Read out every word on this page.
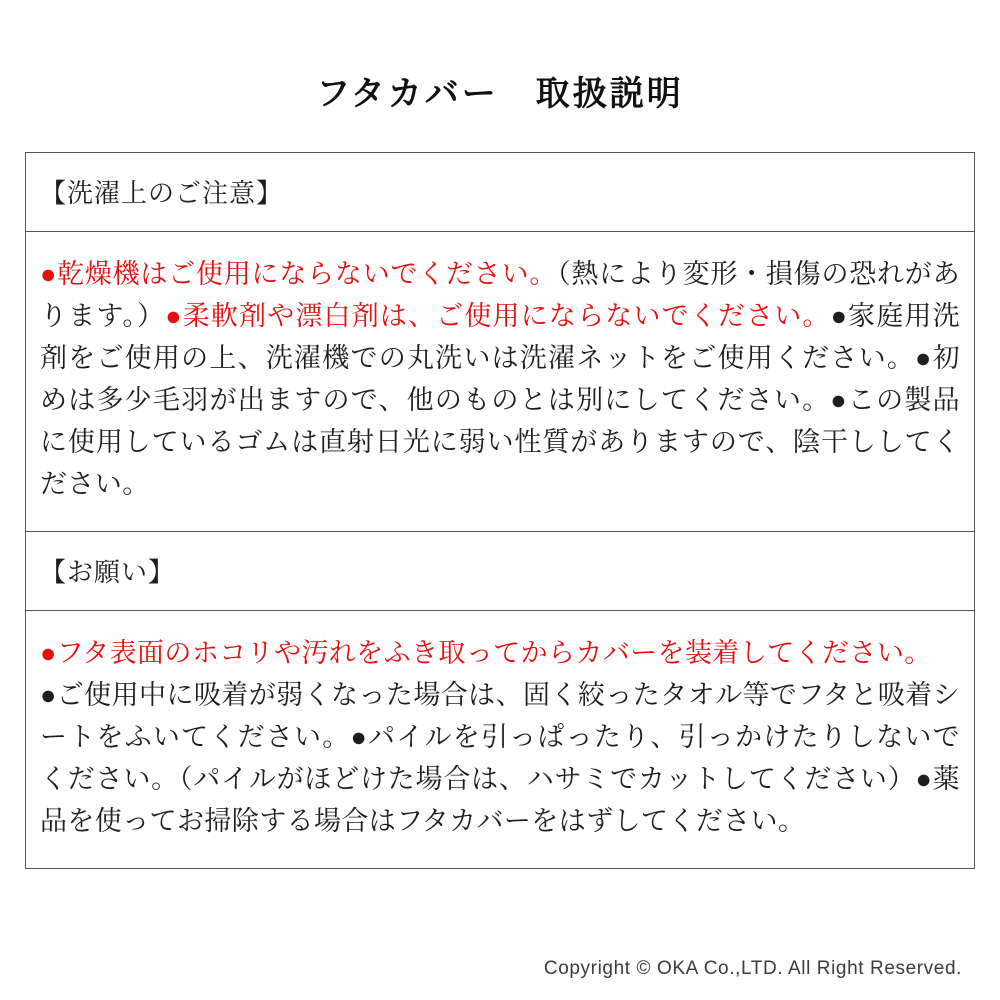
フタカバー　取扱説明
【洗濯上のご注意】
●乾燥機はご使用にならないでください。（熱により変形・損傷の恐れがあります。）●柔軟剤や漂白剤は、ご使用にならないでください。●家庭用洗剤をご使用の上、洗濯機での丸洗いは洗濯ネットをご使用ください。●初めは多少毛羽が出ますので、他のものとは別にしてください。●この製品に使用しているゴムは直射日光に弱い性質がありますので、陰干ししてください。
【お願い】
●フタ表面のホコリや汚れをふき取ってからカバーを装着してください。
●ご使用中に吸着が弱くなった場合は、固く絞ったタオル等でフタと吸着シートをふいてください。●パイルを引っぱったり、引っかけたりしないでください。（パイルがほどけた場合は、ハサミでカットしてください）●薬品を使ってお掃除する場合はフタカバーをはずしてください。
Copyright © OKA Co.,LTD. All Right Reserved.
